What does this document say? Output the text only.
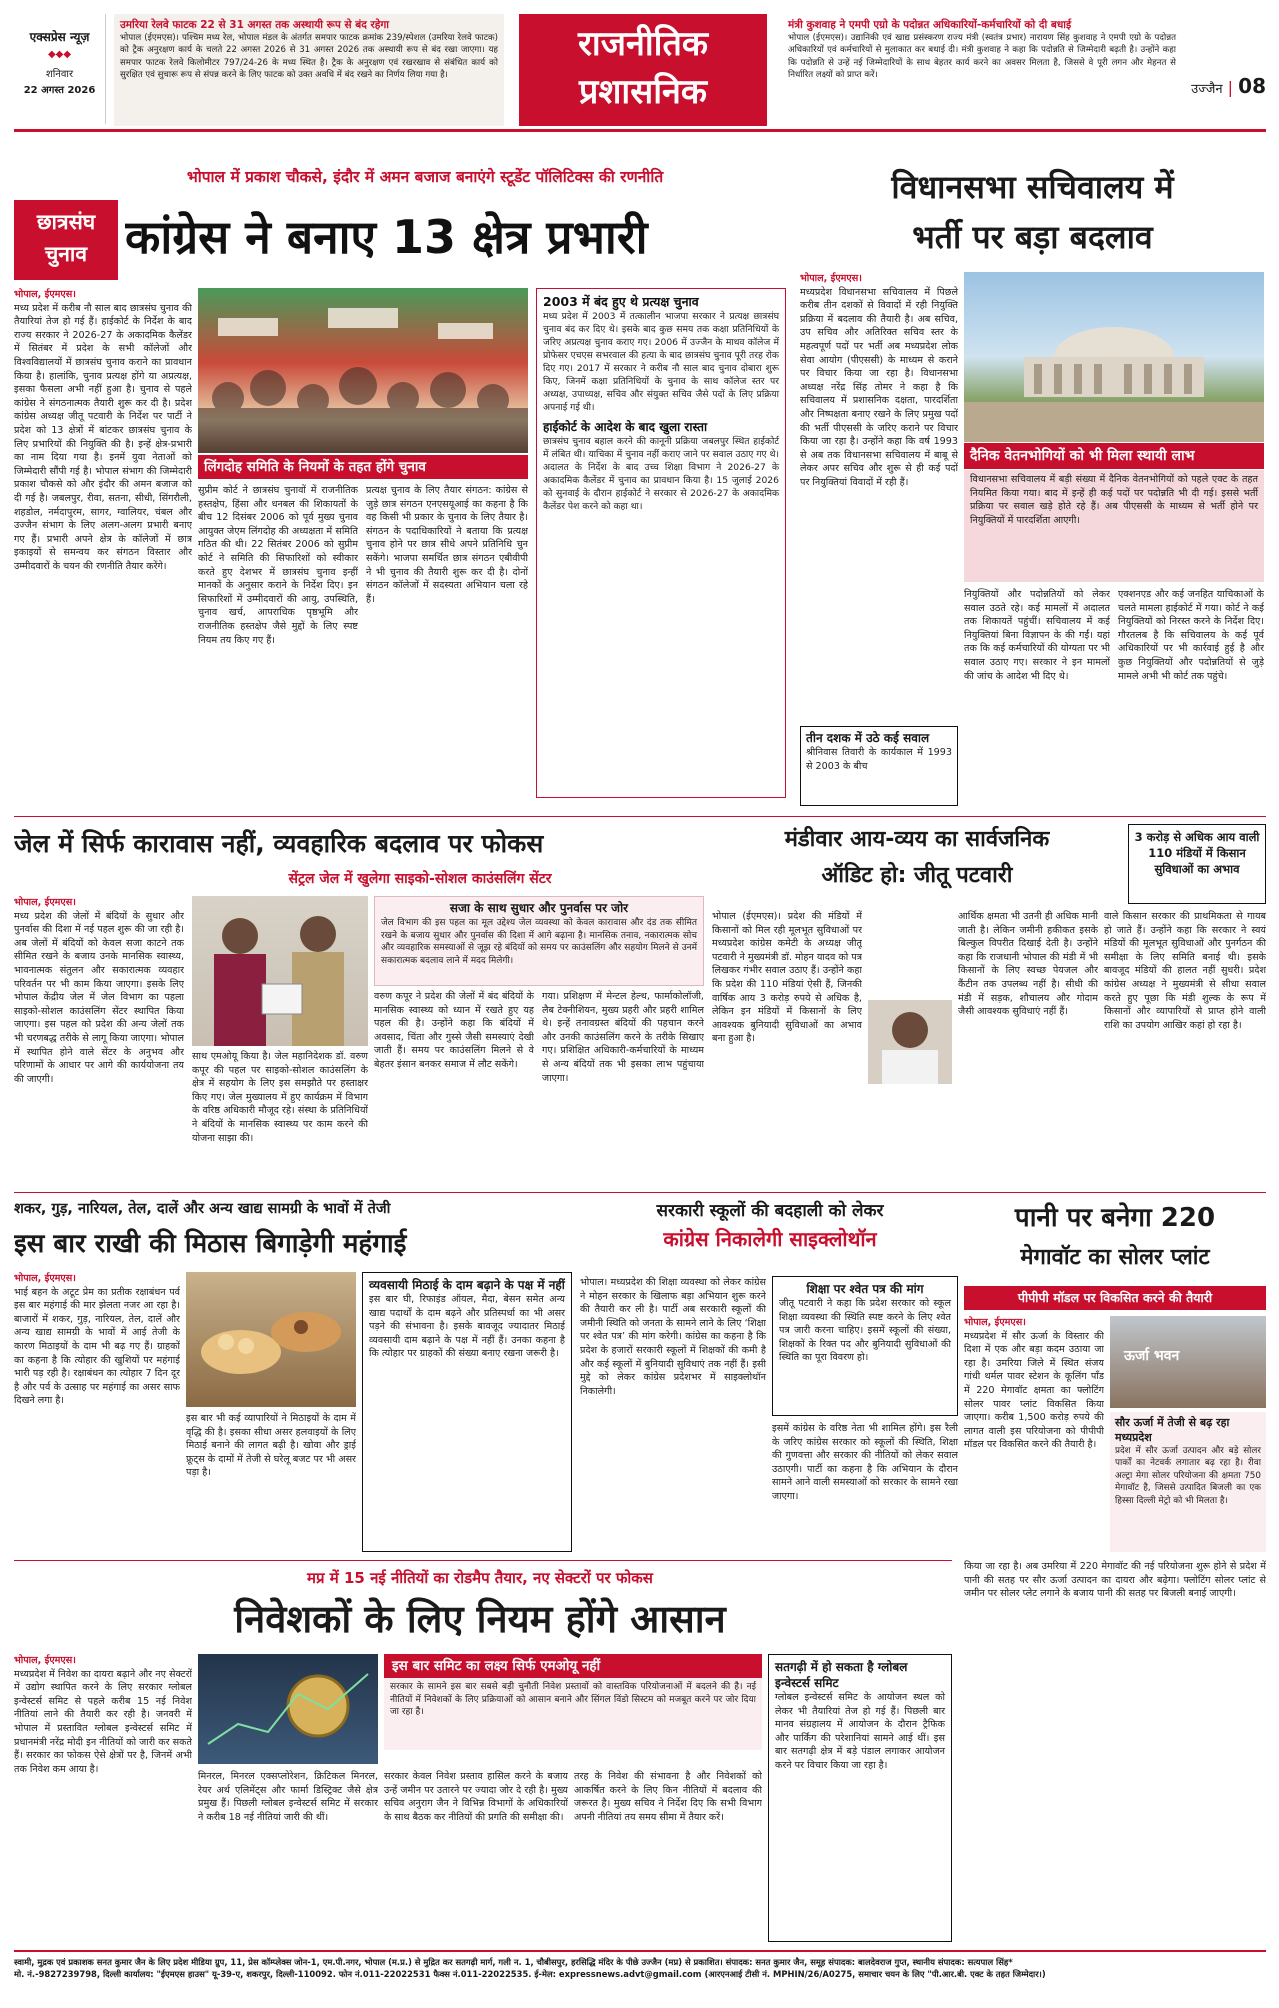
एक्सप्रेस न्यूज़
◆◆◆
शनिवार
22 अगस्त 2026
उमरिया रेलवे फाटक 22 से 31 अगस्त तक अस्थायी रूप से बंद रहेगा
भोपाल (ईएमएस)। पश्चिम मध्य रेल, भोपाल मंडल के अंतर्गत समपार फाटक क्रमांक 239/स्पेशल (उमरिया रेलवे फाटक) को ट्रैक अनुरक्षण कार्य के चलते 22 अगस्त 2026 से 31 अगस्त 2026 तक अस्थायी रूप से बंद रखा जाएगा। यह समपार फाटक रेलवे किलोमीटर 797/24-26 के मध्य स्थित है। ट्रैक के अनुरक्षण एवं रखरखाव से संबंधित कार्य को सुरक्षित एवं सुचारू रूप से संपन्न करने के लिए फाटक को उक्त अवधि में बंद रखने का निर्णय लिया गया है।
राजनीतिक
प्रशासनिक
मंत्री कुशवाह ने एमपी एग्रो के पदोन्नत अधिकारियों-कर्मचारियों को दी बधाई
भोपाल (ईएमएस)। उद्यानिकी एवं खाद्य प्रसंस्करण राज्य मंत्री (स्वतंत्र प्रभार) नारायण सिंह कुशवाह ने एमपी एग्रो के पदोन्नत अधिकारियों एवं कर्मचारियों से मुलाकात कर बधाई दी। मंत्री कुशवाह ने कहा कि पदोन्नति से जिम्मेदारी बढ़ती है। उन्होंने कहा कि पदोन्नति से उन्हें नई जिम्मेदारियों के साथ बेहतर कार्य करने का अवसर मिलता है, जिससे वे पूरी लगन और मेहनत से निर्धारित लक्ष्यों को प्राप्त करें।
उज्जैन | 08
भोपाल में प्रकाश चौकसे, इंदौर में अमन बजाज बनाएंगे स्टूडेंट पॉलिटिक्स की रणनीति
छात्रसंघ
चुनाव कांग्रेस ने बनाए 13 क्षेत्र प्रभारी
भोपाल, ईएमएस।
मध्य प्रदेश में करीब नौ साल बाद छात्रसंघ चुनाव की तैयारियां तेज हो गई हैं। हाईकोर्ट के निर्देश के बाद राज्य सरकार ने 2026-27 के अकादमिक कैलेंडर में सितंबर में प्रदेश के सभी कॉलेजों और विश्वविद्यालयों में छात्रसंघ चुनाव कराने का प्रावधान किया है। हालांकि, चुनाव प्रत्यक्ष होंगे या अप्रत्यक्ष, इसका फैसला अभी नहीं हुआ है। चुनाव से पहले कांग्रेस ने संगठनात्मक तैयारी शुरू कर दी है। प्रदेश कांग्रेस अध्यक्ष जीतू पटवारी के निर्देश पर पार्टी ने प्रदेश को 13 क्षेत्रों में बांटकर छात्रसंघ चुनाव के लिए प्रभारियों की नियुक्ति की है। इन्हें क्षेत्र-प्रभारी का नाम दिया गया है। इनमें युवा नेताओं को जिम्मेदारी सौंपी गई है। भोपाल संभाग की जिम्मेदारी प्रकाश चौकसे को और इंदौर की अमन बजाज को दी गई है। जबलपुर, रीवा, सतना, सीधी, सिंगरौली, शहडोल, नर्मदापुरम, सागर, ग्वालियर, चंबल और उज्जैन संभाग के लिए अलग-अलग प्रभारी बनाए गए हैं। प्रभारी अपने क्षेत्र के कॉलेजों में छात्र इकाइयों से समन्वय कर संगठन विस्तार और उम्मीदवारों के चयन की रणनीति तैयार करेंगे।
लिंगदोह समिति के नियमों के तहत होंगे चुनाव
सुप्रीम कोर्ट ने छात्रसंघ चुनावों में राजनीतिक हस्तक्षेप, हिंसा और धनबल की शिकायतों के बीच 12 दिसंबर 2006 को पूर्व मुख्य चुनाव आयुक्त जेएम लिंगदोह की अध्यक्षता में समिति गठित की थी। 22 सितंबर 2006 को सुप्रीम कोर्ट ने समिति की सिफारिशों को स्वीकार करते हुए देशभर में छात्रसंघ चुनाव इन्हीं मानकों के अनुसार कराने के निर्देश दिए। इन सिफारिशों में उम्मीदवारों की आयु, उपस्थिति, चुनाव खर्च, आपराधिक पृष्ठभूमि और राजनीतिक हस्तक्षेप जैसे मुद्दों के लिए स्पष्ट नियम तय किए गए हैं।
प्रत्यक्ष चुनाव के लिए तैयार संगठन: कांग्रेस से जुड़े छात्र संगठन एनएसयूआई का कहना है कि वह किसी भी प्रकार के चुनाव के लिए तैयार है। संगठन के पदाधिकारियों ने बताया कि प्रत्यक्ष चुनाव होने पर छात्र सीधे अपने प्रतिनिधि चुन सकेंगे। भाजपा समर्थित छात्र संगठन एबीवीपी ने भी चुनाव की तैयारी शुरू कर दी है। दोनों संगठन कॉलेजों में सदस्यता अभियान चला रहे हैं।
2003 में बंद हुए थे प्रत्यक्ष चुनाव
मध्य प्रदेश में 2003 में तत्कालीन भाजपा सरकार ने प्रत्यक्ष छात्रसंघ चुनाव बंद कर दिए थे। इसके बाद कुछ समय तक कक्षा प्रतिनिधियों के जरिए अप्रत्यक्ष चुनाव कराए गए। 2006 में उज्जैन के माधव कॉलेज में प्रोफेसर एचएस सभरवाल की हत्या के बाद छात्रसंघ चुनाव पूरी तरह रोक दिए गए। 2017 में सरकार ने करीब नौ साल बाद चुनाव दोबारा शुरू किए, जिनमें कक्षा प्रतिनिधियों के चुनाव के साथ कॉलेज स्तर पर अध्यक्ष, उपाध्यक्ष, सचिव और संयुक्त सचिव जैसे पदों के लिए प्रक्रिया अपनाई गई थी।
हाईकोर्ट के आदेश के बाद खुला रास्ता
छात्रसंघ चुनाव बहाल करने की कानूनी प्रक्रिया जबलपुर स्थित हाईकोर्ट में लंबित थी। याचिका में चुनाव नहीं कराए जाने पर सवाल उठाए गए थे। अदालत के निर्देश के बाद उच्च शिक्षा विभाग ने 2026-27 के अकादमिक कैलेंडर में चुनाव का प्रावधान किया है। 15 जुलाई 2026 को सुनवाई के दौरान हाईकोर्ट ने सरकार से 2026-27 के अकादमिक कैलेंडर पेश करने को कहा था।
विधानसभा सचिवालय में
भर्ती पर बड़ा बदलाव
भोपाल, ईएमएस।
मध्यप्रदेश विधानसभा सचिवालय में पिछले करीब तीन दशकों से विवादों में रही नियुक्ति प्रक्रिया में बदलाव की तैयारी है। अब सचिव, उप सचिव और अतिरिक्त सचिव स्तर के महत्वपूर्ण पदों पर भर्ती अब मध्यप्रदेश लोक सेवा आयोग (पीएससी) के माध्यम से कराने पर विचार किया जा रहा है। विधानसभा अध्यक्ष नरेंद्र सिंह तोमर ने कहा है कि सचिवालय में प्रशासनिक दक्षता, पारदर्शिता और निष्पक्षता बनाए रखने के लिए प्रमुख पदों की भर्ती पीएससी के जरिए कराने पर विचार किया जा रहा है। उन्होंने कहा कि वर्ष 1993 से अब तक विधानसभा सचिवालय में बाबू से लेकर अपर सचिव और शुरू से ही कई पदों पर नियुक्तियां विवादों में रही हैं।
दैनिक वेतनभोगियों को भी मिला स्थायी लाभ
विधानसभा सचिवालय में बड़ी संख्या में दैनिक वेतनभोगियों को पहले एक्ट के तहत नियमित किया गया। बाद में इन्हें ही कई पदों पर पदोन्नति भी दी गई। इससे भर्ती प्रक्रिया पर सवाल खड़े होते रहे हैं। अब पीएससी के माध्यम से भर्ती होने पर नियुक्तियों में पारदर्शिता आएगी।
तीन दशक में उठे कई सवाल
श्रीनिवास तिवारी के कार्यकाल में 1993 से 2003 के बीच
नियुक्तियों और पदोन्नतियों को लेकर सवाल उठते रहे। कई मामलों में अदालत तक शिकायतें पहुंचीं। सचिवालय में कई नियुक्तियां बिना विज्ञापन के की गईं। यहां तक कि कई कर्मचारियों की योग्यता पर भी सवाल उठाए गए। सरकार ने इन मामलों की जांच के आदेश भी दिए थे।
एक्शनएड और कई जनहित याचिकाओं के चलते मामला हाईकोर्ट में गया। कोर्ट ने कई नियुक्तियों को निरस्त करने के निर्देश दिए। गौरतलब है कि सचिवालय के कई पूर्व अधिकारियों पर भी कार्रवाई हुई है और कुछ नियुक्तियों और पदोन्नतियों से जुड़े मामले अभी भी कोर्ट तक पहुंचे।
जेल में सिर्फ कारावास नहीं, व्यवहारिक बदलाव पर फोकस
सेंट्रल जेल में खुलेगा साइको-सोशल काउंसलिंग सेंटर
भोपाल, ईएमएस।
मध्य प्रदेश की जेलों में बंदियों के सुधार और पुनर्वास की दिशा में नई पहल शुरू की जा रही है। अब जेलों में बंदियों को केवल सजा काटने तक सीमित रखने के बजाय उनके मानसिक स्वास्थ्य, भावनात्मक संतुलन और सकारात्मक व्यवहार परिवर्तन पर भी काम किया जाएगा। इसके लिए भोपाल केंद्रीय जेल में जेल विभाग का पहला साइको-सोशल काउंसलिंग सेंटर स्थापित किया जाएगा। इस पहल को प्रदेश की अन्य जेलों तक भी चरणबद्ध तरीके से लागू किया जाएगा। भोपाल में स्थापित होने वाले सेंटर के अनुभव और परिणामों के आधार पर आगे की कार्ययोजना तय की जाएगी।
सजा के साथ सुधार और पुनर्वास पर जोर
जेल विभाग की इस पहल का मूल उद्देश्य जेल व्यवस्था को केवल कारावास और दंड तक सीमित रखने के बजाय सुधार और पुनर्वास की दिशा में आगे बढ़ाना है। मानसिक तनाव, नकारात्मक सोच और व्यवहारिक समस्याओं से जूझ रहे बंदियों को समय पर काउंसलिंग और सहयोग मिलने से उनमें सकारात्मक बदलाव लाने में मदद मिलेगी।
साथ एमओयू किया है। जेल महानिदेशक डॉ. वरुण कपूर की पहल पर साइको-सोशल काउंसलिंग के क्षेत्र में सहयोग के लिए इस समझौते पर हस्ताक्षर किए गए। जेल मुख्यालय में हुए कार्यक्रम में विभाग के वरिष्ठ अधिकारी मौजूद रहे। संस्था के प्रतिनिधियों ने बंदियों के मानसिक स्वास्थ्य पर काम करने की योजना साझा की।
वरुण कपूर ने प्रदेश की जेलों में बंद बंदियों के मानसिक स्वास्थ्य को ध्यान में रखते हुए यह पहल की है। उन्होंने कहा कि बंदियों में अवसाद, चिंता और गुस्से जैसी समस्याएं देखी जाती हैं। समय पर काउंसलिंग मिलने से वे बेहतर इंसान बनकर समाज में लौट सकेंगे।
गया। प्रशिक्षण में मेन्टल हेल्थ, फार्माकोलॉजी, लैब टेक्नीशियन, मुख्य प्रहरी और प्रहरी शामिल थे। इन्हें तनावग्रस्त बंदियों की पहचान करने और उनकी काउंसलिंग करने के तरीके सिखाए गए। प्रशिक्षित अधिकारी-कर्मचारियों के माध्यम से अन्य बंदियों तक भी इसका लाभ पहुंचाया जाएगा।
मंडीवार आय-व्यय का सार्वजनिक
ऑडिट हो: जीतू पटवारी
3 करोड़ से अधिक आय वाली 110 मंडियों में किसान सुविधाओं का अभाव
भोपाल (ईएमएस)। प्रदेश की मंडियों में किसानों को मिल रही मूलभूत सुविधाओं पर मध्यप्रदेश कांग्रेस कमेटी के अध्यक्ष जीतू पटवारी ने मुख्यमंत्री डॉ. मोहन यादव को पत्र लिखकर गंभीर सवाल उठाए हैं। उन्होंने कहा कि प्रदेश की 110 मंडियां ऐसी हैं, जिनकी वार्षिक आय 3 करोड़ रुपये से अधिक है, लेकिन इन मंडियों में किसानों के लिए आवश्यक बुनियादी सुविधाओं का अभाव बना हुआ है।
आर्थिक क्षमता भी उतनी ही अधिक मानी जाती है। लेकिन जमीनी हकीकत इसके बिल्कुल विपरीत दिखाई देती है। उन्होंने कहा कि राजधानी भोपाल की मंडी में भी किसानों के लिए स्वच्छ पेयजल और कैंटीन तक उपलब्ध नहीं है। सीधी की मंडी में सड़क, शौचालय और गोदाम जैसी आवश्यक सुविधाएं नहीं हैं।
वाले किसान सरकार की प्राथमिकता से गायब हो जाते हैं। उन्होंने कहा कि सरकार ने स्वयं मंडियों की मूलभूत सुविधाओं और पुनर्गठन की समीक्षा के लिए समिति बनाई थी। इसके बावजूद मंडियों की हालत नहीं सुधरी। प्रदेश कांग्रेस अध्यक्ष ने मुख्यमंत्री से सीधा सवाल करते हुए पूछा कि मंडी शुल्क के रूप में किसानों और व्यापारियों से प्राप्त होने वाली राशि का उपयोग आखिर कहां हो रहा है।
शकर, गुड़, नारियल, तेल, दालें और अन्य खाद्य सामग्री के भावों में तेजी
इस बार राखी की मिठास बिगाड़ेगी महंगाई
भोपाल, ईएमएस।
भाई बहन के अटूट प्रेम का प्रतीक रक्षाबंधन पर्व इस बार महंगाई की मार झेलता नजर आ रहा है। बाजारों में शकर, गुड़, नारियल, तेल, दालें और अन्य खाद्य सामग्री के भावों में आई तेजी के कारण मिठाइयों के दाम भी बढ़ गए हैं। ग्राहकों का कहना है कि त्योहार की खुशियों पर महंगाई भारी पड़ रही है। रक्षाबंधन का त्योहार 7 दिन दूर है और पर्व के उत्साह पर महंगाई का असर साफ दिखने लगा है।
व्यवसायी मिठाई के दाम बढ़ाने के पक्ष में नहीं
इस बार घी, रिफाइंड ऑयल, मैदा, बेसन समेत अन्य खाद्य पदार्थों के दाम बढ़ने और प्रतिस्पर्धा का भी असर पड़ने की संभावना है। इसके बावजूद ज्यादातर मिठाई व्यवसायी दाम बढ़ाने के पक्ष में नहीं हैं। उनका कहना है कि त्योहार पर ग्राहकों की संख्या बनाए रखना जरूरी है।
इस बार भी कई व्यापारियों ने मिठाइयों के दाम में वृद्धि की है। इसका सीधा असर हलवाइयों के लिए मिठाई बनाने की लागत बढ़ी है। खोवा और ड्राई फ्रूट्स के दामों में तेजी से घरेलू बजट पर भी असर पड़ा है।
सरकारी स्कूलों की बदहाली को लेकर
कांग्रेस निकालेगी साइक्लोथॉन
भोपाल। मध्यप्रदेश की शिक्षा व्यवस्था को लेकर कांग्रेस ने मोहन सरकार के खिलाफ बड़ा अभियान शुरू करने की तैयारी कर ली है। पार्टी अब सरकारी स्कूलों की जमीनी स्थिति को जनता के सामने लाने के लिए ‘शिक्षा पर श्वेत पत्र’ की मांग करेगी। कांग्रेस का कहना है कि प्रदेश के हजारों सरकारी स्कूलों में शिक्षकों की कमी है और कई स्कूलों में बुनियादी सुविधाएं तक नहीं हैं। इसी मुद्दे को लेकर कांग्रेस प्रदेशभर में साइक्लोथॉन निकालेगी।
शिक्षा पर श्वेत पत्र की मांग
जीतू पटवारी ने कहा कि प्रदेश सरकार को स्कूल शिक्षा व्यवस्था की स्थिति स्पष्ट करने के लिए श्वेत पत्र जारी करना चाहिए। इसमें स्कूलों की संख्या, शिक्षकों के रिक्त पद और बुनियादी सुविधाओं की स्थिति का पूरा विवरण हो।
इसमें कांग्रेस के वरिष्ठ नेता भी शामिल होंगे। इस रैली के जरिए कांग्रेस सरकार को स्कूलों की स्थिति, शिक्षा की गुणवत्ता और सरकार की नीतियों को लेकर सवाल उठाएगी। पार्टी का कहना है कि अभियान के दौरान सामने आने वाली समस्याओं को सरकार के सामने रखा जाएगा।
पानी पर बनेगा 220
मेगावॉट का सोलर प्लांट
पीपीपी मॉडल पर विकसित करने की तैयारी
भोपाल, ईएमएस।
मध्यप्रदेश में सौर ऊर्जा के विस्तार की दिशा में एक और बड़ा कदम उठाया जा रहा है। उमरिया जिले में स्थित संजय गांधी थर्मल पावर स्टेशन के कूलिंग पॉंड में 220 मेगावॉट क्षमता का फ्लोटिंग सोलर पावर प्लांट विकसित किया जाएगा। करीब 1,500 करोड़ रुपये की लागत वाली इस परियोजना को पीपीपी मॉडल पर विकसित करने की तैयारी है।
ऊर्जा भवन
सौर ऊर्जा में तेजी से बढ़ रहा मध्यप्रदेश
प्रदेश में सौर ऊर्जा उत्पादन और बड़े सोलर पार्कों का नेटवर्क लगातार बढ़ रहा है। रीवा अल्ट्रा मेगा सोलर परियोजना की क्षमता 750 मेगावॉट है, जिससे उत्पादित बिजली का एक हिस्सा दिल्ली मेट्रो को भी मिलता है।
मप्र में 15 नई नीतियों का रोडमैप तैयार, नए सेक्टरों पर फोकस
निवेशकों के लिए नियम होंगे आसान
भोपाल, ईएमएस।
मध्यप्रदेश में निवेश का दायरा बढ़ाने और नए सेक्टरों में उद्योग स्थापित करने के लिए सरकार ग्लोबल इन्वेस्टर्स समिट से पहले करीब 15 नई निवेश नीतियां लाने की तैयारी कर रही है। जनवरी में भोपाल में प्रस्तावित ग्लोबल इन्वेस्टर्स समिट में प्रधानमंत्री नरेंद्र मोदी इन नीतियों को जारी कर सकते हैं। सरकार का फोकस ऐसे क्षेत्रों पर है, जिनमें अभी तक निवेश कम आया है।
इस बार समिट का लक्ष्य सिर्फ एमओयू नहीं
सरकार के सामने इस बार सबसे बड़ी चुनौती निवेश प्रस्तावों को वास्तविक परियोजनाओं में बदलने की है। नई नीतियों में निवेशकों के लिए प्रक्रियाओं को आसान बनाने और सिंगल विंडो सिस्टम को मजबूत करने पर जोर दिया जा रहा है।
मिनरल, मिनरल एक्सप्लोरेशन, क्रिटिकल मिनरल, रेयर अर्थ एलिमेंट्स और फार्मा डिस्ट्रिक्ट जैसे क्षेत्र प्रमुख हैं। पिछली ग्लोबल इन्वेस्टर्स समिट में सरकार ने करीब 18 नई नीतियां जारी की थीं।
सरकार केवल निवेश प्रस्ताव हासिल करने के बजाय उन्हें जमीन पर उतारने पर ज्यादा जोर दे रही है। मुख्य सचिव अनुराग जैन ने विभिन्न विभागों के अधिकारियों के साथ बैठक कर नीतियों की प्रगति की समीक्षा की।
तरह के निवेश की संभावना है और निवेशकों को आकर्षित करने के लिए किन नीतियों में बदलाव की जरूरत है। मुख्य सचिव ने निर्देश दिए कि सभी विभाग अपनी नीतियां तय समय सीमा में तैयार करें।
सतगढ़ी में हो सकता है ग्लोबल इन्वेस्टर्स समिट
ग्लोबल इन्वेस्टर्स समिट के आयोजन स्थल को लेकर भी तैयारियां तेज हो गई हैं। पिछली बार मानव संग्रहालय में आयोजन के दौरान ट्रैफिक और पार्किंग की परेशानियां सामने आई थीं। इस बार सतगढ़ी क्षेत्र में बड़े पंडाल लगाकर आयोजन करने पर विचार किया जा रहा है।
किया जा रहा है। अब उमरिया में 220 मेगावॉट की नई परियोजना शुरू होने से प्रदेश में पानी की सतह पर सौर ऊर्जा उत्पादन का दायरा और बढ़ेगा। फ्लोटिंग सोलर प्लांट से जमीन पर सोलर प्लेट लगाने के बजाय पानी की सतह पर बिजली बनाई जाएगी।
स्वामी, मुद्रक एवं प्रकाशक सनत कुमार जैन के लिए प्रदेश मीडिया ग्रुप, 11, प्रेस कॉम्प्लेक्स जोन-1, एम.पी.नगर, भोपाल (म.प्र.) से मुद्रित कर सतगढ़ी मार्ग, गली न. 1, चौबीसपुर, हरसिद्धि मंदिर के पीछे उज्जैन (मप्र) से प्रकाशित। संपादक: सनत कुमार जैन, समूह संपादक: बालदेवराज गुप्त, स्थानीय संपादक: सत्यपाल सिंह*
मो. नं.-9827239798, दिल्ली कार्यालय: "ईएमएस हाउस" यू-39-ए, शकरपुर, दिल्ली-110092. फोन नं.011-22022531 फैक्स नं.011-22022535. ई-मेल: expressnews.advt@gmail.com (आरएनआई टीसी नं. MPHIN/26/A0275, समाचार चयन के लिए "पी.आर.बी. एक्ट के तहत जिम्मेदार।)
